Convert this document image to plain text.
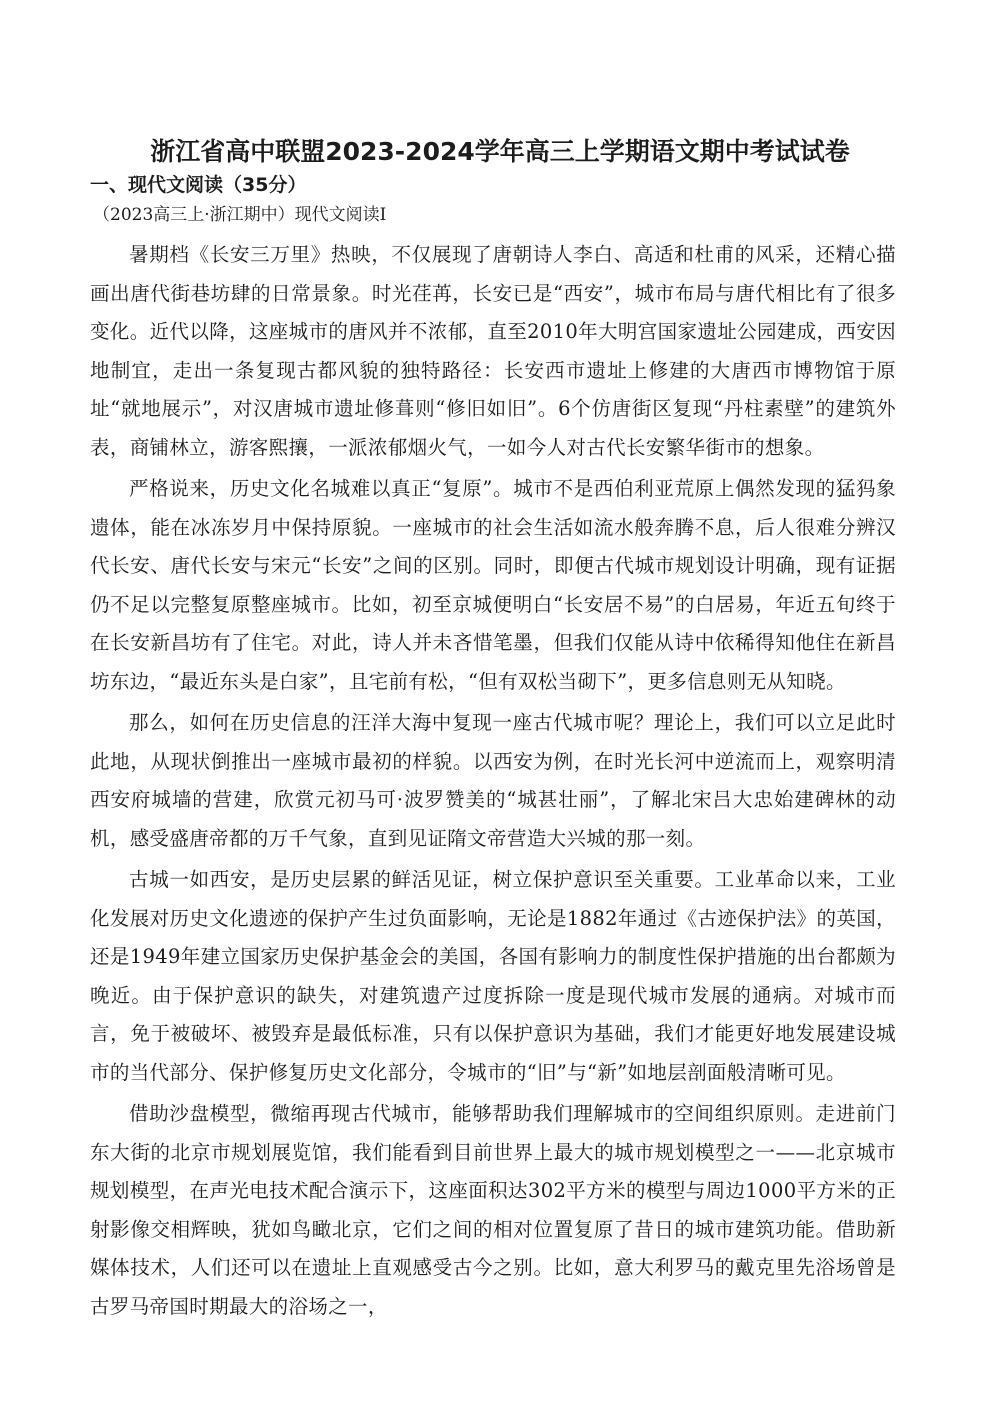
浙江省高中联盟2023-2024学年高三上学期语文期中考试试卷
一、现代文阅读（35分）

（2023高三上·浙江期中）现代文阅读Ⅰ

暑期档《长安三万里》热映，不仅展现了唐朝诗人李白、高适和杜甫的风采，还精心描画出唐代街巷坊肆的日常景象。时光荏苒，长安已是“西安”，城市布局与唐代相比有了很多变化。近代以降，这座城市的唐风并不浓郁，直至2010年大明宫国家遗址公园建成，西安因地制宜，走出一条复现古都风貌的独特路径：长安西市遗址上修建的大唐西市博物馆于原址“就地展示”，对汉唐城市遗址修葺则“修旧如旧”。6个仿唐街区复现“丹柱素壁”的建筑外表，商铺林立，游客熙攘，一派浓郁烟火气，一如今人对古代长安繁华街市的想象。

严格说来，历史文化名城难以真正“复原”。城市不是西伯利亚荒原上偶然发现的猛犸象遗体，能在冰冻岁月中保持原貌。一座城市的社会生活如流水般奔腾不息，后人很难分辨汉代长安、唐代长安与宋元“长安”之间的区别。同时，即便古代城市规划设计明确，现有证据仍不足以完整复原整座城市。比如，初至京城便明白“长安居不易”的白居易，年近五旬终于在长安新昌坊有了住宅。对此，诗人并未吝惜笔墨，但我们仅能从诗中依稀得知他住在新昌坊东边，“最近东头是白家”，且宅前有松，“但有双松当砌下”，更多信息则无从知晓。

那么，如何在历史信息的汪洋大海中复现一座古代城市呢？理论上，我们可以立足此时此地，从现状倒推出一座城市最初的样貌。以西安为例，在时光长河中逆流而上，观察明清西安府城墙的营建，欣赏元初马可·波罗赞美的“城甚壮丽”，了解北宋吕大忠始建碑林的动机，感受盛唐帝都的万千气象，直到见证隋文帝营造大兴城的那一刻。

古城一如西安，是历史层累的鲜活见证，树立保护意识至关重要。工业革命以来，工业化发展对历史文化遗迹的保护产生过负面影响，无论是1882年通过《古迹保护法》的英国，还是1949年建立国家历史保护基金会的美国，各国有影响力的制度性保护措施的出台都颇为晚近。由于保护意识的缺失，对建筑遗产过度拆除一度是现代城市发展的通病。对城市而言，免于被破坏、被毁弃是最低标准，只有以保护意识为基础，我们才能更好地发展建设城市的当代部分、保护修复历史文化部分，令城市的“旧”与“新”如地层剖面般清晰可见。

借助沙盘模型，微缩再现古代城市，能够帮助我们理解城市的空间组织原则。走进前门东大街的北京市规划展览馆，我们能看到目前世界上最大的城市规划模型之一——北京城市规划模型，在声光电技术配合演示下，这座面积达302平方米的模型与周边1000平方米的正射影像交相辉映，犹如鸟瞰北京，它们之间的相对位置复原了昔日的城市建筑功能。借助新媒体技术，人们还可以在遗址上直观感受古今之别。比如，意大利罗马的戴克里先浴场曾是古罗马帝国时期最大的浴场之一，
